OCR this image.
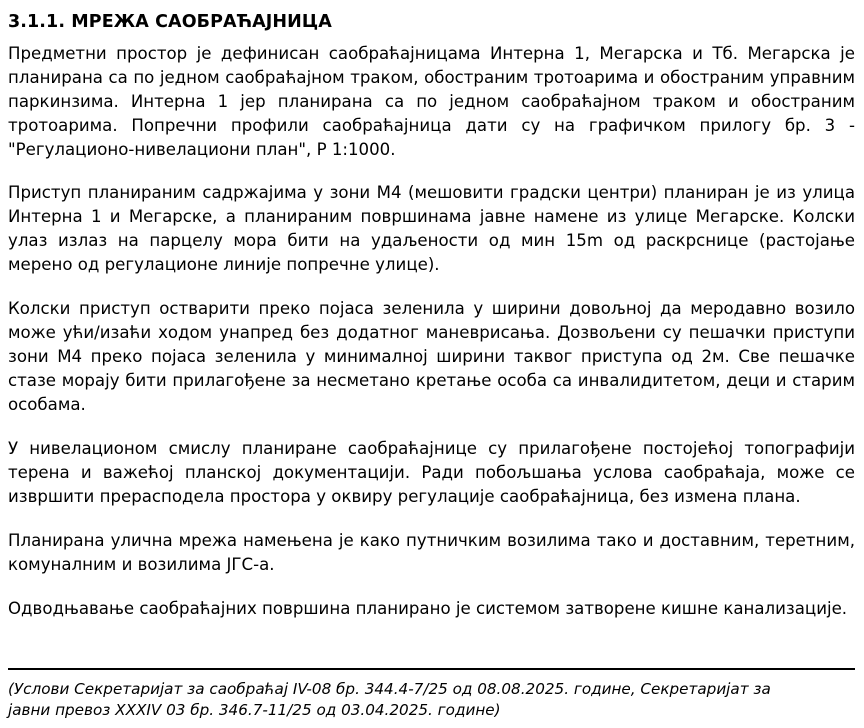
3.1.1. МРЕЖА САОБРАЋАЈНИЦА

Предметни простор је дефинисан саобраћајницама Интерна 1, Мегарска и Тб. Мегарска је планирана са по једном саобраћајном траком, обостраним тротоарима и обостраним управним паркинзима. Интерна 1 јер планирана са по једном саобраћајном траком и обостраним тротоарима. Попречни профили саобраћајница дати су на графичком прилогу бр. 3 - "Регулационо-нивелациони план", Р 1:1000.

Приступ планираним садржајима у зони М4 (мешовити градски центри) планиран је из улица Интерна 1 и Мегарске, а планираним површинама јавне намене из улице Мегарске. Колски улаз излаз на парцелу мора бити на удаљености од мин 15m од раскрснице (растојање мерено од регулационе линије попречне улице).

Колски приступ остварити преко појаса зеленила у ширини довољној да меродавно возило може ући/изаћи ходом унапред без додатног маневрисања. Дозвољени су пешачки приступи зони М4 преко појаса зеленила у минималној ширини таквог приступа од 2м. Све пешачке стазе морају бити прилагођене за несметано кретање особа са инвалидитетом, деци и старим особама.

У нивелационом смислу планиране саобраћајнице су прилагођене постојећој топографији терена и важећој планској документацији. Ради побољшања услова саобраћаја, може се извршити прерасподела простора у оквиру регулације саобраћајница, без измена плана.

Планирана улична мрежа намењена је како путничким возилима тако и доставним, теретним, комуналним и возилима ЈГС-а.

Одводњавање саобраћајних површина планирано је системом затворене кишне канализације.

(Услови Секретаријат за саобраћај IV-08 бр. 344.4-7/25 од 08.08.2025. године, Секретаријат за
јавни превоз XXXIV 03 бр. 346.7-11/25 од 03.04.2025. године)
